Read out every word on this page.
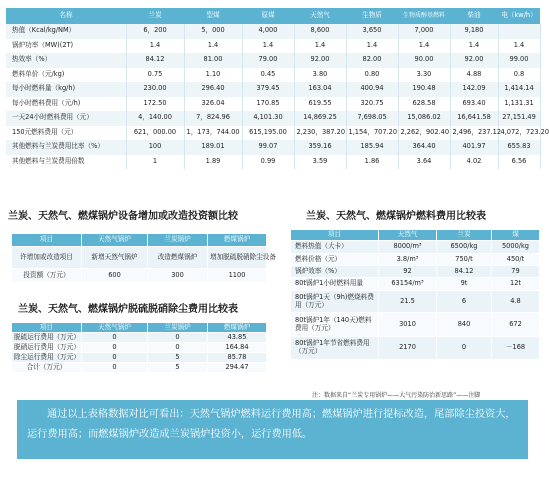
名称	兰炭	型煤	原煤	天然气	生物质	生物质醇基燃料	柴油	电（kw/h）
热值（Kcal/kg/NM）	6，200	5，000	4,000	8,600	3,650	7,000	9,180	
锅炉功率（MW)(2T)	1.4	1.4	1.4	1.4	1.4	1.4	1.4	1.4
热效率（%）	84.12	81.00	79.00	92.00	82.00	90.00	92.00	99.00
燃料单价（元/kg)	0.75	1.10	0.45	3.80	0.80	3.30	4.88	0.8
每小时燃料量（kg/h)	230.00	296.40	379.45	163.04	400.94	190.48	142.09	1,414.14
每小时燃料费用（元/h)	172.50	326.04	170.85	619.55	320.75	628.58	693.40	1,131.31
一天24小时燃料费用（元）	4，140.00	7，824.96	4,101.30	14,869.25	7,698.05	15,086.02	16,641.58	27,151.49
150元燃料费用（元）	621，000.00	1，173，744.00	615,195.00	2,230，387.20	1,154，707.20	2,262，902.40	2,496，237.12	4,072，723.20
其他燃料与兰炭费用比率（%）	100	189.01	99.07	359.16	185.94	364.40	401.97	655.83
其他燃料与兰炭费用倍数	1	1.89	0.99	3.59	1.86	3.64	4.02	6.56
兰炭、天然气、燃煤锅炉设备增加或改造投资额比较
项目	天然气锅炉	兰炭锅炉	燃煤锅炉
许增加或改造项目	新增天然气锅炉	改造燃煤锅炉	增加脱硫脱硝除尘设备
投资额（万元）	600	300	1100
兰炭、天然气、燃煤锅炉脱硫脱硝除尘费用比较表
项目	天然气锅炉	兰炭锅炉	燃煤锅炉
脱硫运行费用（万元）	0	0	43.85
脱硝运行费用（万元）	0	0	164.84
除尘运行费用（万元）	0	5	85.78
合计（万元）	0	5	294.47
兰炭、天然气、燃煤锅炉燃料费用比较表
项目	天然气	兰炭	煤
燃料热值（大卡）	8000/m³	6500/kg	5000/kg
燃料价格（元）	3.8/m³	750/t	450/t
锅炉效率（%）	92	84.12	79
80t锅炉1小时燃料用量	63154/m³	9t	12t
80t锅炉1天（9h)燃烧料费用（万元）	21.5	6	4.8
80t锅炉1年（140天)燃料费用（万元）	3010	840	672
80t锅炉1年节省燃料费用（万元）	2170	0	－168
注：数据来自“兰炭专用锅炉——大气污染防治新思路”——注脚

通过以上表格数据对比可看出：天然气锅炉燃料运行费用高；燃煤锅炉进行提标改造，尾部除尘投资大，运行费用高；而燃煤锅炉改造成兰炭锅炉投资小，运行费用低。
